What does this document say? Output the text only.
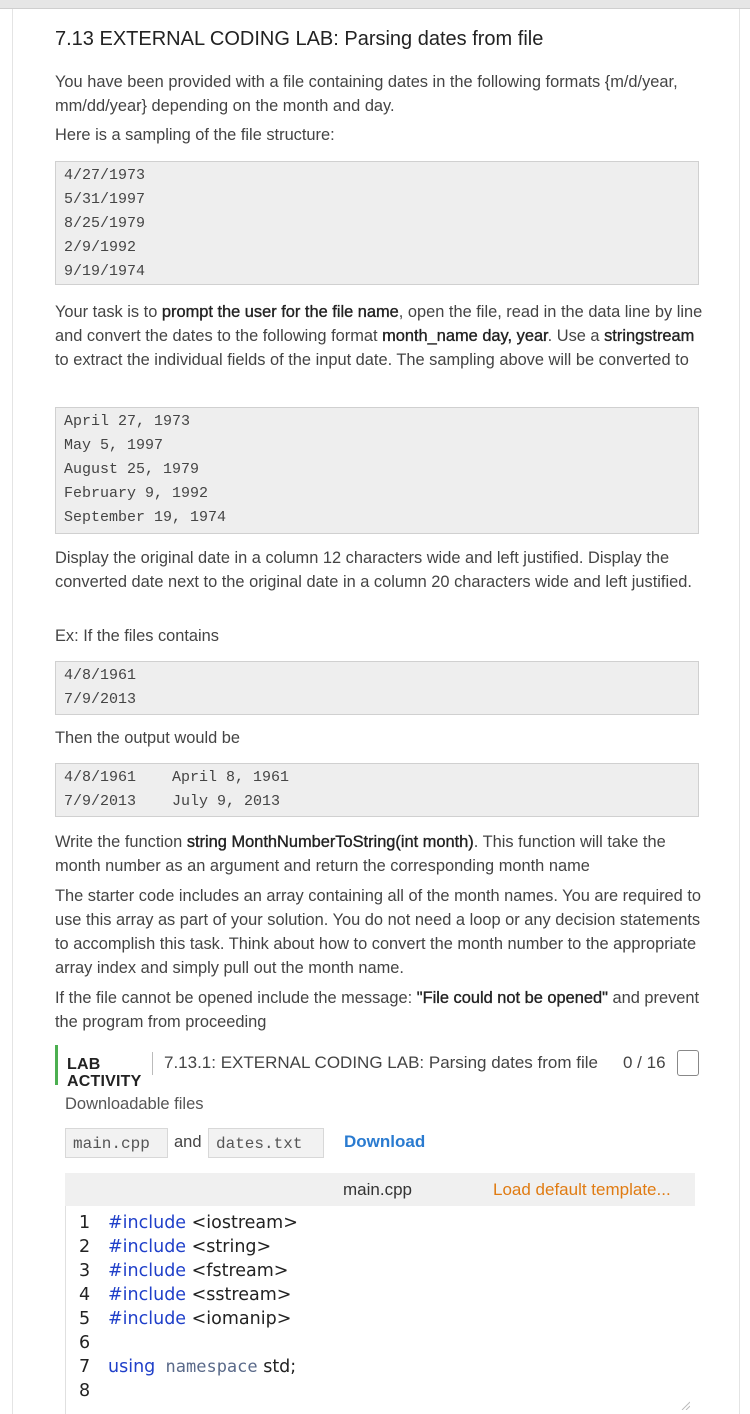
7.13 EXTERNAL CODING LAB: Parsing dates from file
You have been provided with a file containing dates in the following formats {m/d/year, mm/dd/year} depending on the month and day.
Here is a sampling of the file structure:
4/27/1973
5/31/1997
8/25/1979
2/9/1992
9/19/1974
Your task is to prompt the user for the file name, open the file, read in the data line by line and convert the dates to the following format month_name day, year. Use a stringstream to extract the individual fields of the input date. The sampling above will be converted to
April 27, 1973
May 5, 1997
August 25, 1979
February 9, 1992
September 19, 1974
Display the original date in a column 12 characters wide and left justified. Display the converted date next to the original date in a column 20 characters wide and left justified.
Ex: If the files contains
4/8/1961
7/9/2013
Then the output would be
4/8/1961    April 8, 1961
7/9/2013    July 9, 2013
Write the function string MonthNumberToString(int month). This function will take the month number as an argument and return the corresponding month name
The starter code includes an array containing all of the month names. You are required to use this array as part of your solution. You do not need a loop or any decision statements to accomplish this task. Think about how to convert the month number to the appropriate array index and simply pull out the month name.
If the file cannot be opened include the message: "File could not be opened" and prevent the program from proceeding
LAB ACTIVITY
7.13.1: EXTERNAL CODING LAB: Parsing dates from file 0 / 16
Downloadable files
main.cpp	and dates.txt	Download
main.cpp	Load default template...
1	#include <iostream>
2	#include <string>
3	#include <fstream>
4	#include <sstream>
5	#include <iomanip>
6
7	using namespace std;
8
